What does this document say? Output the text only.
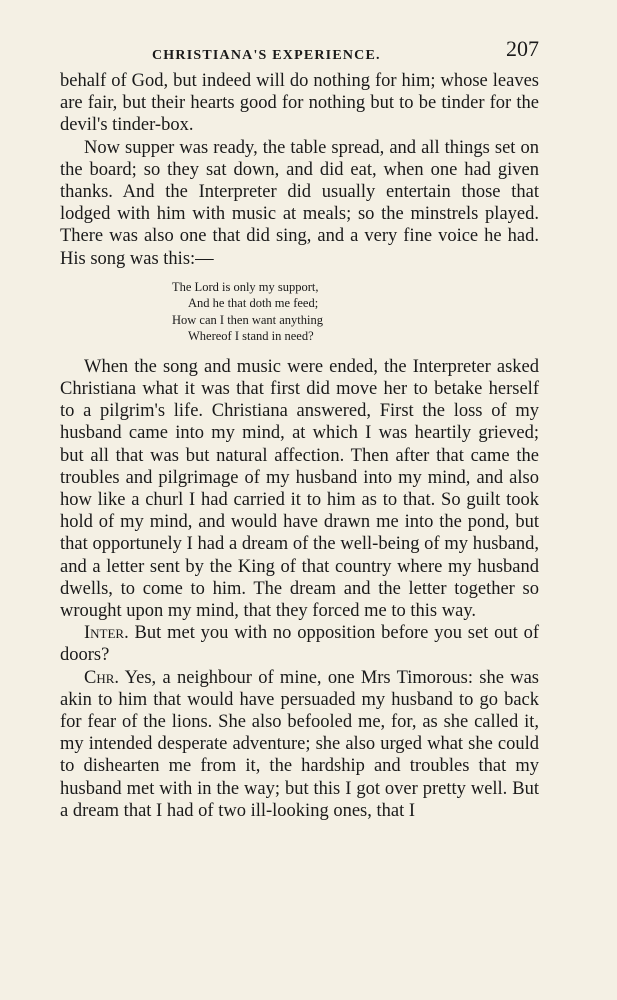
CHRISTIANA'S EXPERIENCE.	207

behalf of God, but indeed will do nothing for him; whose leaves are fair, but their hearts good for nothing but to be tinder for the devil's tinder-box.

Now supper was ready, the table spread, and all things set on the board; so they sat down, and did eat, when one had given thanks. And the Interpreter did usually entertain those that lodged with him with music at meals; so the minstrels played. There was also one that did sing, and a very fine voice he had. His song was this:—

The Lord is only my support,
And he that doth me feed;
How can I then want anything
Whereof I stand in need?

When the song and music were ended, the Interpreter asked Christiana what it was that first did move her to betake herself to a pilgrim's life. Christiana answered, First the loss of my husband came into my mind, at which I was heartily grieved; but all that was but natural affection. Then after that came the troubles and pilgrimage of my husband into my mind, and also how like a churl I had carried it to him as to that. So guilt took hold of my mind, and would have drawn me into the pond, but that opportunely I had a dream of the well-being of my husband, and a letter sent by the King of that country where my husband dwells, to come to him. The dream and the letter together so wrought upon my mind, that they forced me to this way.

Inter. But met you with no opposition before you set out of doors?

Chr. Yes, a neighbour of mine, one Mrs Timorous: she was akin to him that would have persuaded my husband to go back for fear of the lions. She also befooled me, for, as she called it, my intended desperate adventure; she also urged what she could to dishearten me from it, the hardship and troubles that my husband met with in the way; but this I got over pretty well. But a dream that I had of two ill-looking ones, that I
